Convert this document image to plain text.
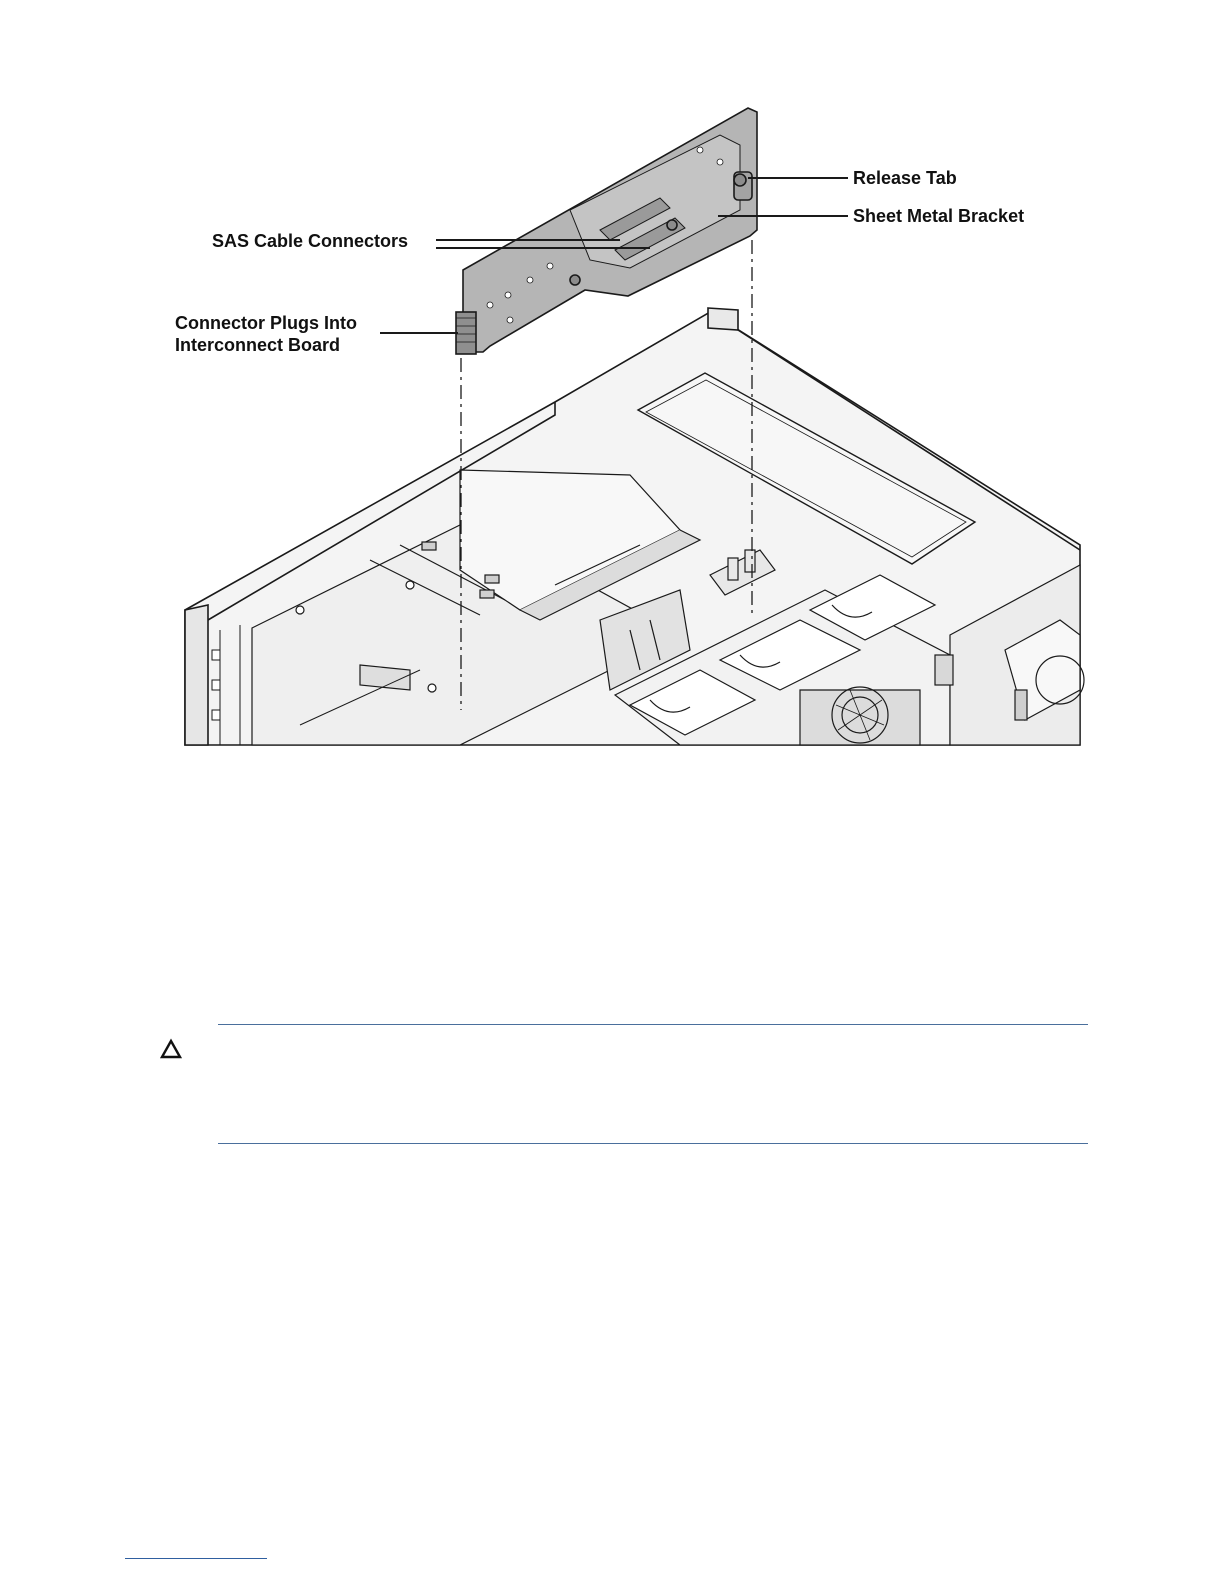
Release Tab
Sheet Metal Bracket
SAS Cable Connectors
Connector Plugs Into
Interconnect Board
